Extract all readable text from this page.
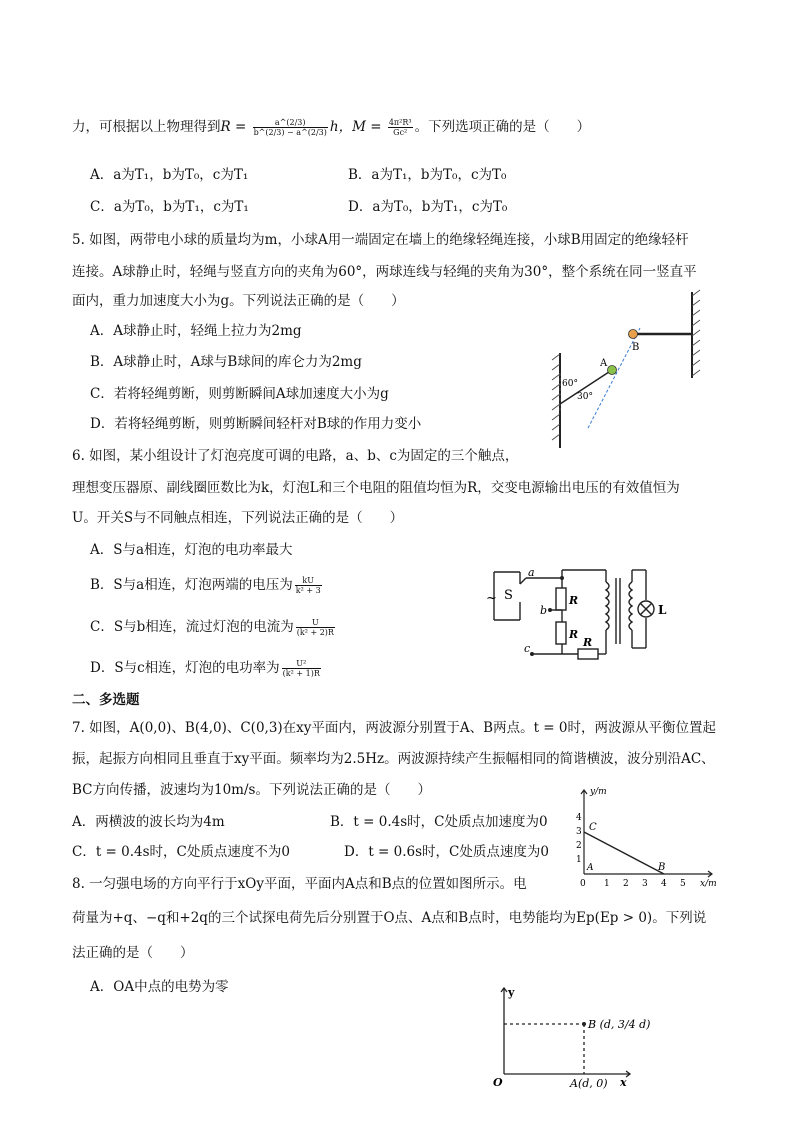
力，可根据以上物理得到$R = \frac{a\^{}(2/3)}{b\^{}(2/3) - a\^{}(2/3)}$ h，$M = \frac{\text{4π²R³}}{\text{Gc²}}$ 。下列选项正确的是（　　）
A．a为T₁，b为T₀，c为T₁	B．a为T₁，b为T₀，c为T₀
C．a为T₀，b为T₁，c为T₁	D．a为T₀，b为T₁，c为T₀
5. 如图，两带电小球的质量均为m，小球A用一端固定在墙上的绝缘轻绳连接，小球B用固定的绝缘轻杆
连接。A球静止时，轻绳与竖直方向的夹角为60°，两球连线与轻绳的夹角为30°，整个系统在同一竖直平
面内，重力加速度大小为g。下列说法正确的是（　　）
A．A球静止时，轻绳上拉力为2mg
B．A球静止时，A球与B球间的库仑力为2mg
C．若将轻绳剪断，则剪断瞬间A球加速度大小为g
D．若将轻绳剪断，则剪断瞬间轻杆对B球的作用力变小
A
B
60°
30°
6. 如图，某小组设计了灯泡亮度可调的电路，a、b、c为固定的三个触点，
理想变压器原、副线圈匝数比为k，灯泡L和三个电阻的阻值均恒为R，交变电源输出电压的有效值恒为
U。开关S与不同触点相连，下列说法正确的是（　　）
A．S与a相连，灯泡的电功率最大
B．S与a相连，灯泡两端的电压为 $\frac{kU}{\text{k² + 3}}$
C．S与b相连，流过灯泡的电流为 $\frac{U}{\text{(k² + 2)R}}$
D．S与c相连，灯泡的电功率为 $\frac{\text{U²}}{\text{(k² + 1)R}}$
~ S
a
b
c
R
R
R
L
二、多选题
7. 如图，A(0,0)、B(4,0)、C(0,3)在xy平面内，两波源分别置于A、B两点。t = 0时，两波源从平衡位置起
振，起振方向相同且垂直于xy平面。频率均为2.5Hz。两波源持续产生振幅相同的简谐横波，波分别沿AC、
BC方向传播，波速均为10m/s。下列说法正确的是（　　）
A．两横波的波长均为4m	B．t = 0.4s时，C处质点加速度为0
C．t = 0.4s时，C处质点速度不为0	D．t = 0.6s时，C处质点速度为0
y/m
x/m
C
A	B
0 1 2 3 4 5
1
2
3
4
8. 一匀强电场的方向平行于xOy平面，平面内A点和B点的位置如图所示。电
荷量为+q、−q和+2q的三个试探电荷先后分别置于O点、A点和B点时，电势能均为Ep(Ep > 0)。下列说
法正确的是（　　）
A．OA中点的电势为零	y
x
O
B (d, 3/4 d)
A(d, 0)
